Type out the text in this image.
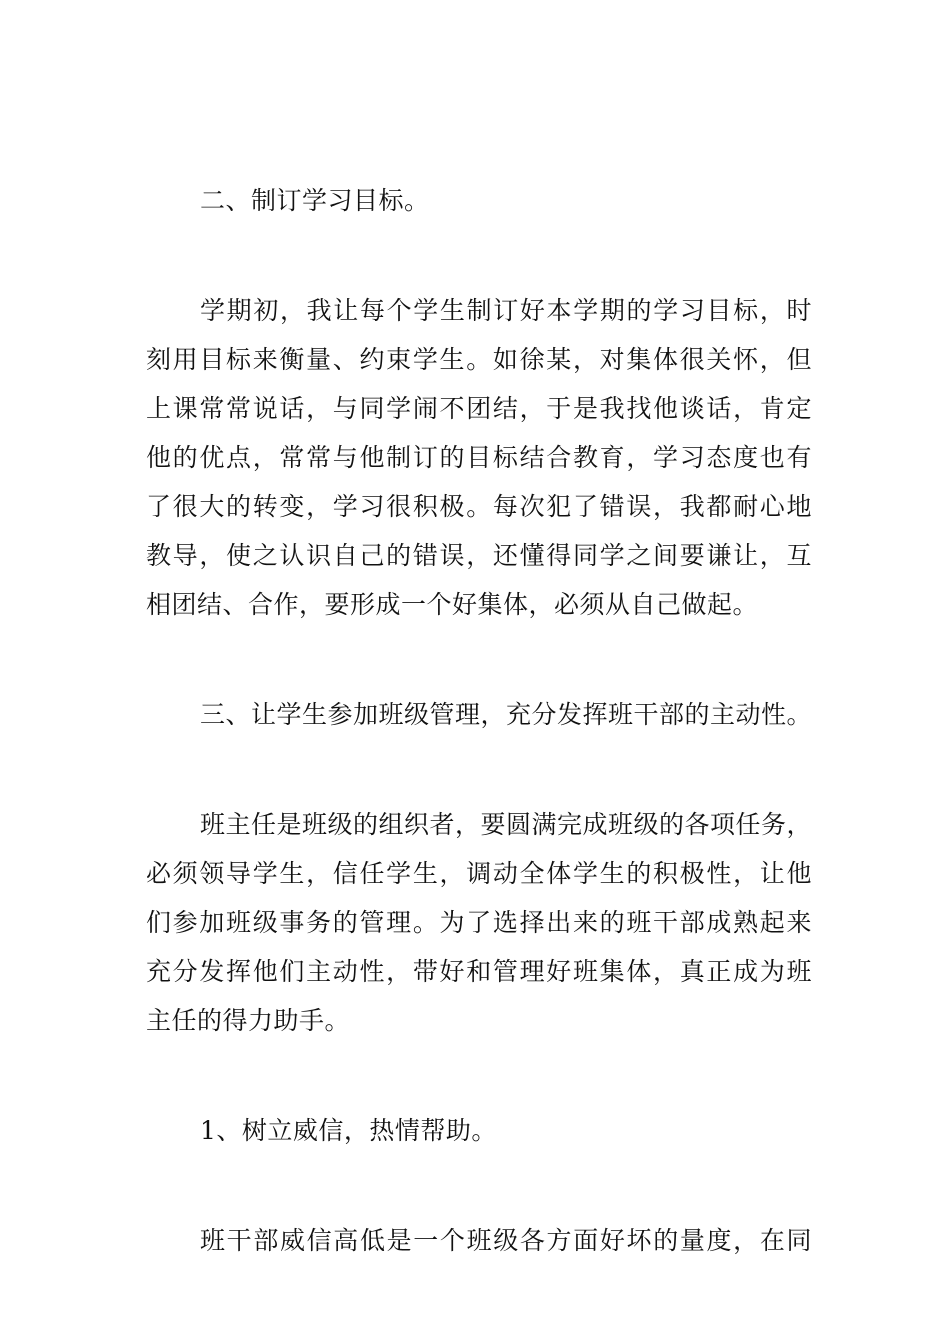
二、制订学习目标。
学期初，我让每个学生制订好本学期的学习目标，时
刻用目标来衡量、约束学生。如徐某，对集体很关怀，但
上课常常说话，与同学闹不团结，于是我找他谈话，肯定
他的优点，常常与他制订的目标结合教育，学习态度也有
了很大的转变，学习很积极。每次犯了错误，我都耐心地
教导，使之认识自己的错误，还懂得同学之间要谦让，互
相团结、合作，要形成一个好集体，必须从自己做起。
三、让学生参加班级管理，充分发挥班干部的主动性。
班主任是班级的组织者，要圆满完成班级的各项任务，
必须领导学生，信任学生，调动全体学生的积极性，让他
们参加班级事务的管理。为了选择出来的班干部成熟起来
充分发挥他们主动性，带好和管理好班集体，真正成为班
主任的得力助手。
1、树立威信，热情帮助。
班干部威信高低是一个班级各方面好坏的量度，在同
